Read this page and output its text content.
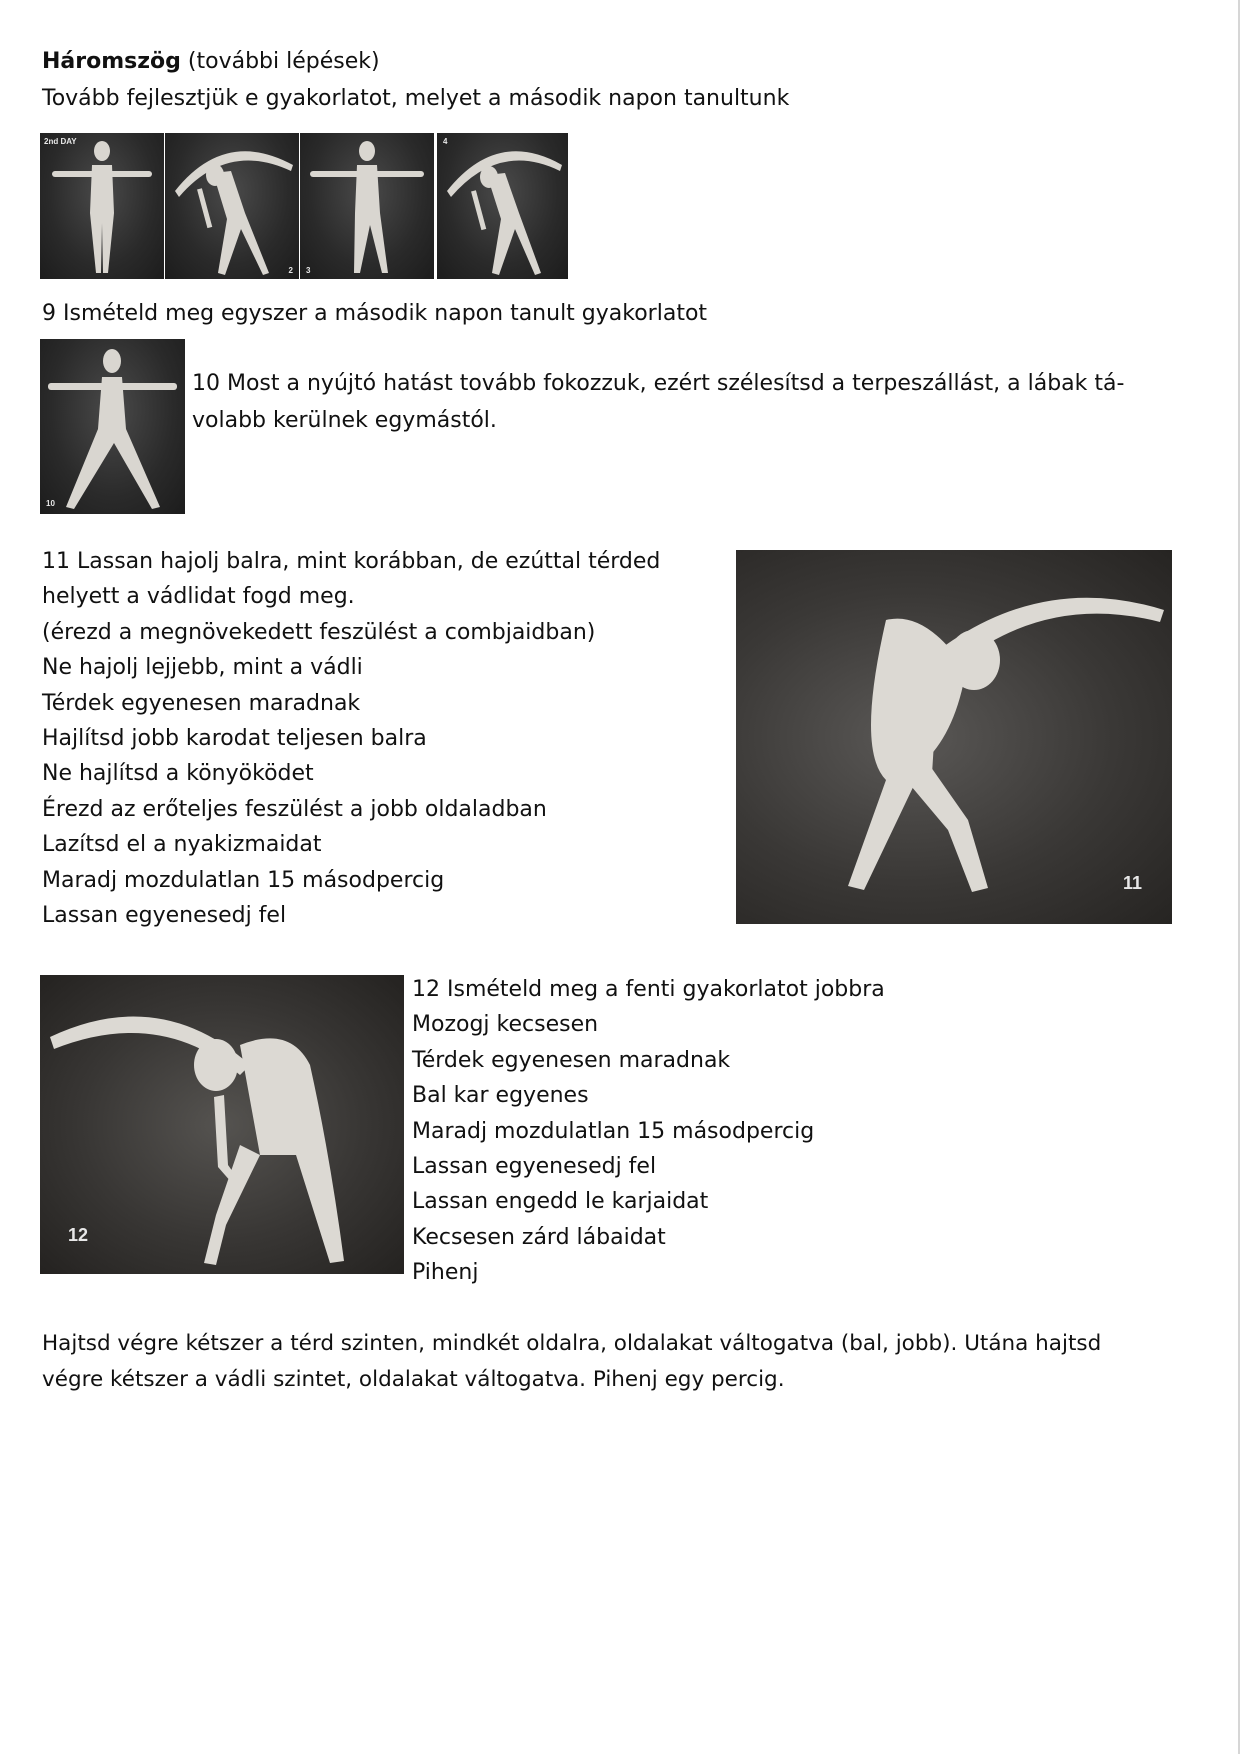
Háromszög (további lépések)
Tovább fejlesztjük e gyakorlatot, melyet a második napon tanultunk
2nd DAY
2 3
4
9 Ismételd meg egyszer a második napon tanult gyakorlatot
10
10 Most a nyújtó hatást tovább fokozzuk, ezért szélesítsd a terpeszállást, a lábak tá-
volabb kerülnek egymástól.
11 Lassan hajolj balra, mint korábban, de ezúttal térded
helyett a vádlidat fogd meg.
(érezd a megnövekedett feszülést a combjaidban)
Ne hajolj lejjebb, mint a vádli
Térdek egyenesen maradnak
Hajlítsd jobb karodat teljesen balra
Ne hajlítsd a könyöködet
Érezd az erőteljes feszülést a jobb oldaladban
Lazítsd el a nyakizmaidat
Maradj mozdulatlan 15 másodpercig
Lassan egyenesedj fel
11
12
12 Ismételd meg a fenti gyakorlatot jobbra
Mozogj kecsesen
Térdek egyenesen maradnak
Bal kar egyenes
Maradj mozdulatlan 15 másodpercig
Lassan egyenesedj fel
Lassan engedd le karjaidat
Kecsesen zárd lábaidat
Pihenj
Hajtsd végre kétszer a térd szinten, mindkét oldalra, oldalakat váltogatva (bal, jobb). Utána hajtsd
végre kétszer a vádli szintet, oldalakat váltogatva. Pihenj egy percig.
